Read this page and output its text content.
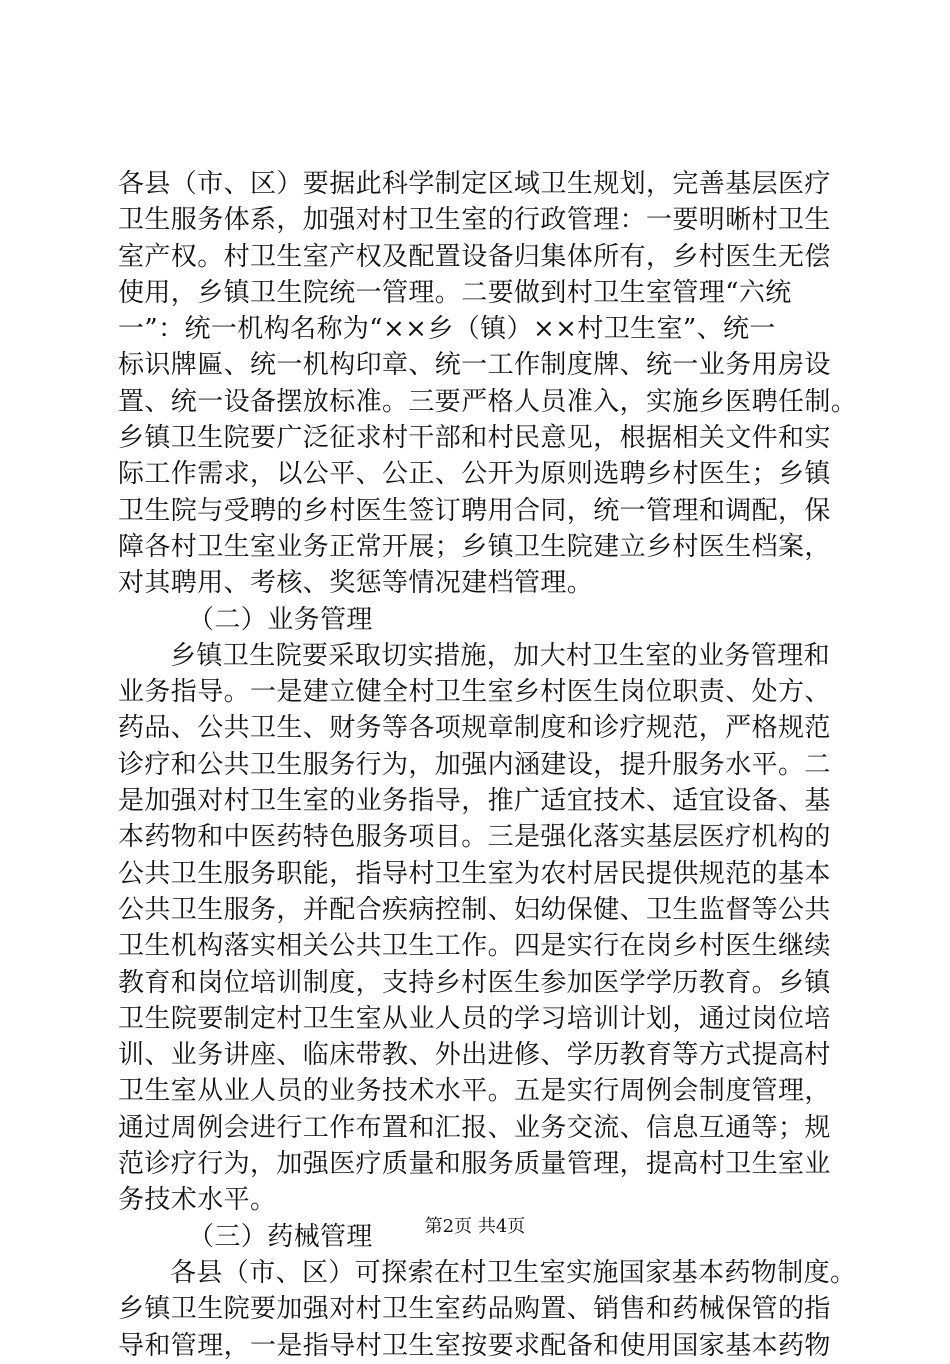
各县（市、区）要据此科学制定区域卫生规划，完善基层医疗
卫生服务体系，加强对村卫生室的行政管理：一要明晰村卫生
室产权。村卫生室产权及配置设备归集体所有，乡村医生无偿
使用，乡镇卫生院统一管理。二要做到村卫生室管理“六统
一”：统一机构名称为“××乡（镇）××村卫生室”、统一
标识牌匾、统一机构印章、统一工作制度牌、统一业务用房设
置、统一设备摆放标准。三要严格人员准入，实施乡医聘任制。
乡镇卫生院要广泛征求村干部和村民意见，根据相关文件和实
际工作需求，以公平、公正、公开为原则选聘乡村医生；乡镇
卫生院与受聘的乡村医生签订聘用合同，统一管理和调配，保
障各村卫生室业务正常开展；乡镇卫生院建立乡村医生档案，
对其聘用、考核、奖惩等情况建档管理。
（二）业务管理
乡镇卫生院要采取切实措施，加大村卫生室的业务管理和
业务指导。一是建立健全村卫生室乡村医生岗位职责、处方、
药品、公共卫生、财务等各项规章制度和诊疗规范，严格规范
诊疗和公共卫生服务行为，加强内涵建设，提升服务水平。二
是加强对村卫生室的业务指导，推广适宜技术、适宜设备、基
本药物和中医药特色服务项目。三是强化落实基层医疗机构的
公共卫生服务职能，指导村卫生室为农村居民提供规范的基本
公共卫生服务，并配合疾病控制、妇幼保健、卫生监督等公共
卫生机构落实相关公共卫生工作。四是实行在岗乡村医生继续
教育和岗位培训制度，支持乡村医生参加医学学历教育。乡镇
卫生院要制定村卫生室从业人员的学习培训计划，通过岗位培
训、业务讲座、临床带教、外出进修、学历教育等方式提高村
卫生室从业人员的业务技术水平。五是实行周例会制度管理，
通过周例会进行工作布置和汇报、业务交流、信息互通等；规
范诊疗行为，加强医疗质量和服务质量管理，提高村卫生室业
务技术水平。
（三）药械管理
各县（市、区）可探索在村卫生室实施国家基本药物制度。
乡镇卫生院要加强对村卫生室药品购置、销售和药械保管的指
导和管理，一是指导村卫生室按要求配备和使用国家基本药物
第2页 共4页
